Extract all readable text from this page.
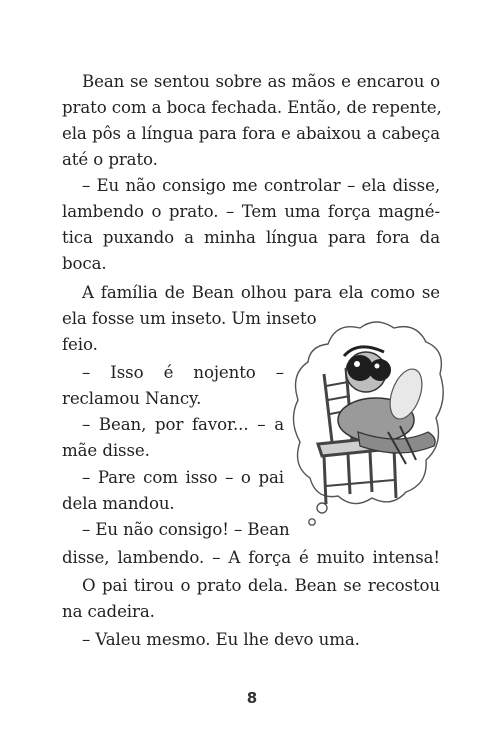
Bean se sentou sobre as mãos e encarou o
prato com a boca fechada. Então, de repente,
ela pôs a língua para fora e abaixou a cabeça
até o prato.
– Eu não consigo me controlar – ela disse,
lambendo o prato. – Tem uma força magné-
tica puxando a minha língua para fora da
boca.
A família de Bean olhou para ela como se
ela fosse um inseto. Um inseto
feio.
– Isso é nojento –
reclamou Nancy.
– Bean, por favor... – a
mãe disse.
– Pare com isso – o pai
dela mandou.
– Eu não consigo! – Bean
disse, lambendo. – A força é muito intensa!
O pai tirou o prato dela. Bean se recostou
na cadeira.
– Valeu mesmo. Eu lhe devo uma.
8
